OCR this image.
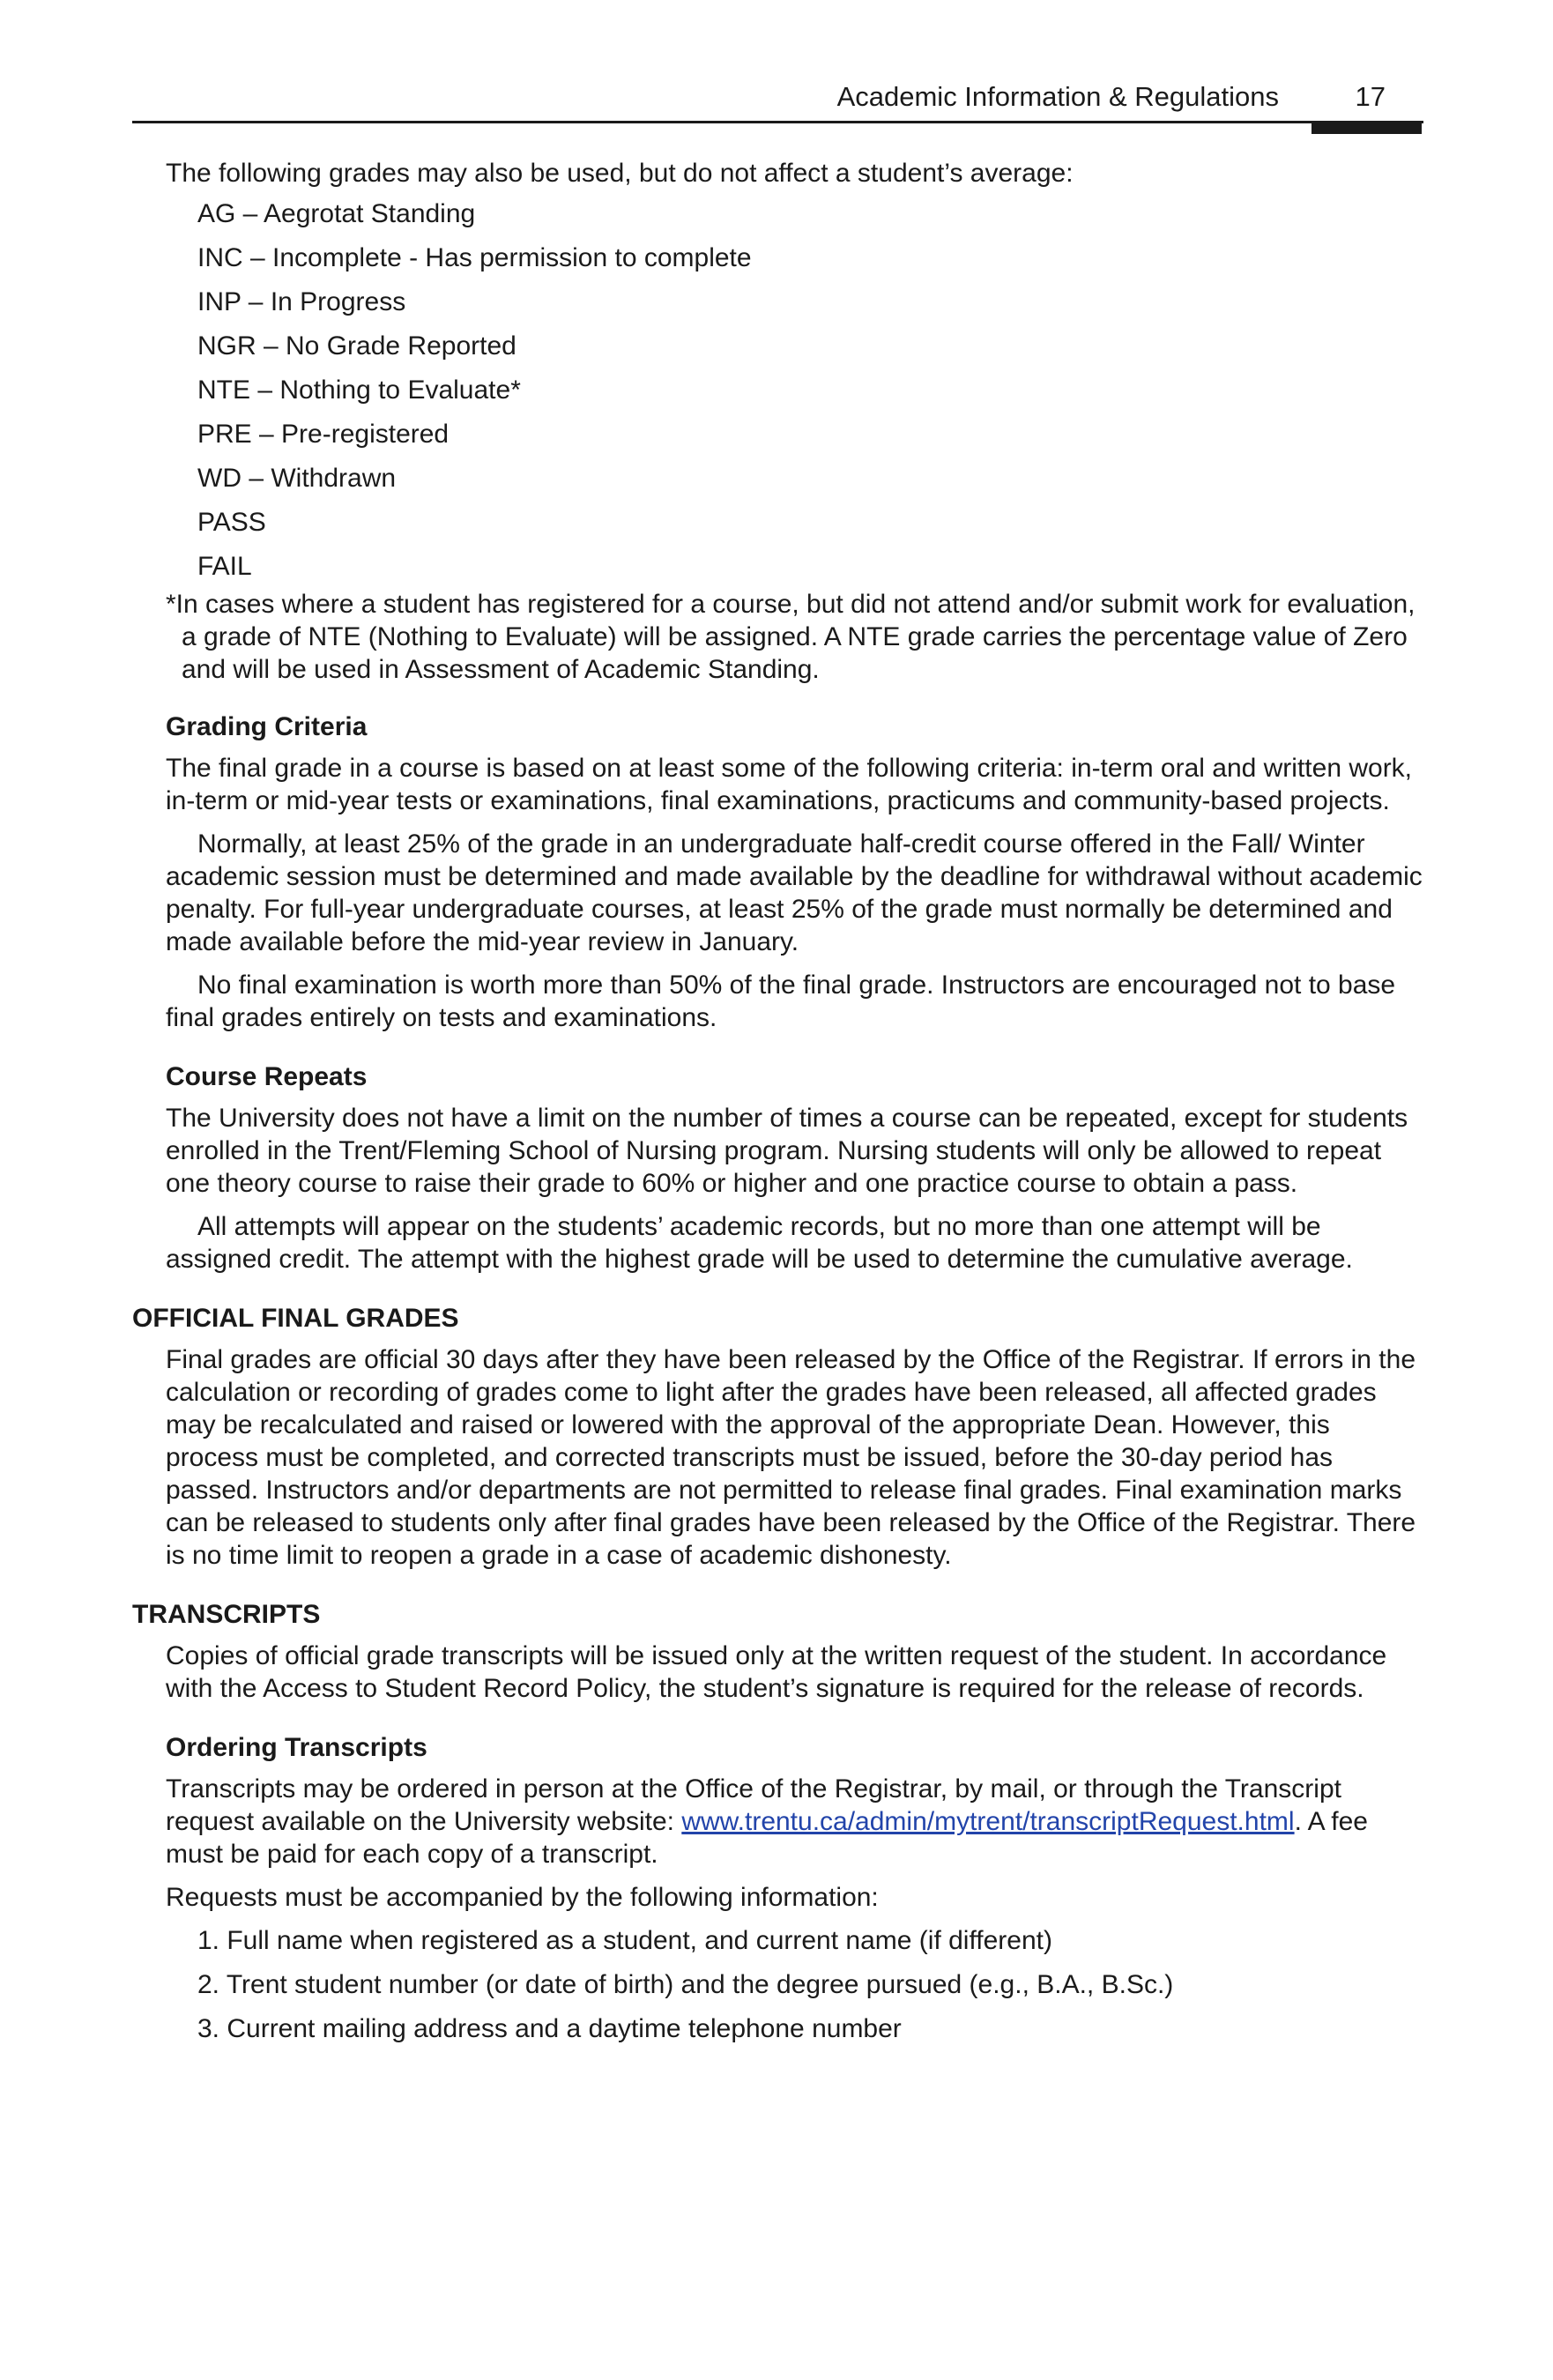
Academic Information & Regulations	17

The following grades may also be used, but do not affect a student’s average:

AG – Aegrotat Standing
INC – Incomplete - Has permission to complete
INP – In Progress
NGR – No Grade Reported
NTE – Nothing to Evaluate*
PRE – Pre-registered
WD – Withdrawn
PASS
FAIL

*In cases where a student has registered for a course, but did not attend and/or submit work for evaluation, a grade of NTE (Nothing to Evaluate) will be assigned. A NTE grade carries the percentage value of Zero and will be used in Assessment of Academic Standing.

Grading Criteria

The final grade in a course is based on at least some of the following criteria: in-term oral and written work, in-term or mid-year tests or examinations, final examinations, practicums and community-based projects.

Normally, at least 25% of the grade in an undergraduate half-credit course offered in the Fall/ Winter academic session must be determined and made available by the deadline for withdrawal without academic penalty. For full-year undergraduate courses, at least 25% of the grade must normally be determined and made available before the mid-year review in January.

No final examination is worth more than 50% of the final grade. Instructors are encouraged not to base final grades entirely on tests and examinations.

Course Repeats

The University does not have a limit on the number of times a course can be repeated, except for students enrolled in the Trent/Fleming School of Nursing program. Nursing students will only be allowed to repeat one theory course to raise their grade to 60% or higher and one practice course to obtain a pass.

All attempts will appear on the students’ academic records, but no more than one attempt will be assigned credit. The attempt with the highest grade will be used to determine the cumulative average.

OFFICIAL FINAL GRADES

Final grades are official 30 days after they have been released by the Office of the Registrar. If errors in the calculation or recording of grades come to light after the grades have been released, all affected grades may be recalculated and raised or lowered with the approval of the appropriate Dean. However, this process must be completed, and corrected transcripts must be issued, before the 30-day period has passed. Instructors and/or departments are not permitted to release final grades. Final examination marks can be released to students only after final grades have been released by the Office of the Registrar. There is no time limit to reopen a grade in a case of academic dishonesty.

TRANSCRIPTS

Copies of official grade transcripts will be issued only at the written request of the student. In accordance with the Access to Student Record Policy, the student’s signature is required for the release of records.

Ordering Transcripts

Transcripts may be ordered in person at the Office of the Registrar, by mail, or through the Transcript request available on the University website: www.trentu.ca/admin/mytrent/transcriptRequest.html. A fee must be paid for each copy of a transcript.

Requests must be accompanied by the following information:

1. Full name when registered as a student, and current name (if different)
2. Trent student number (or date of birth) and the degree pursued (e.g., B.A., B.Sc.)
3. Current mailing address and a daytime telephone number
